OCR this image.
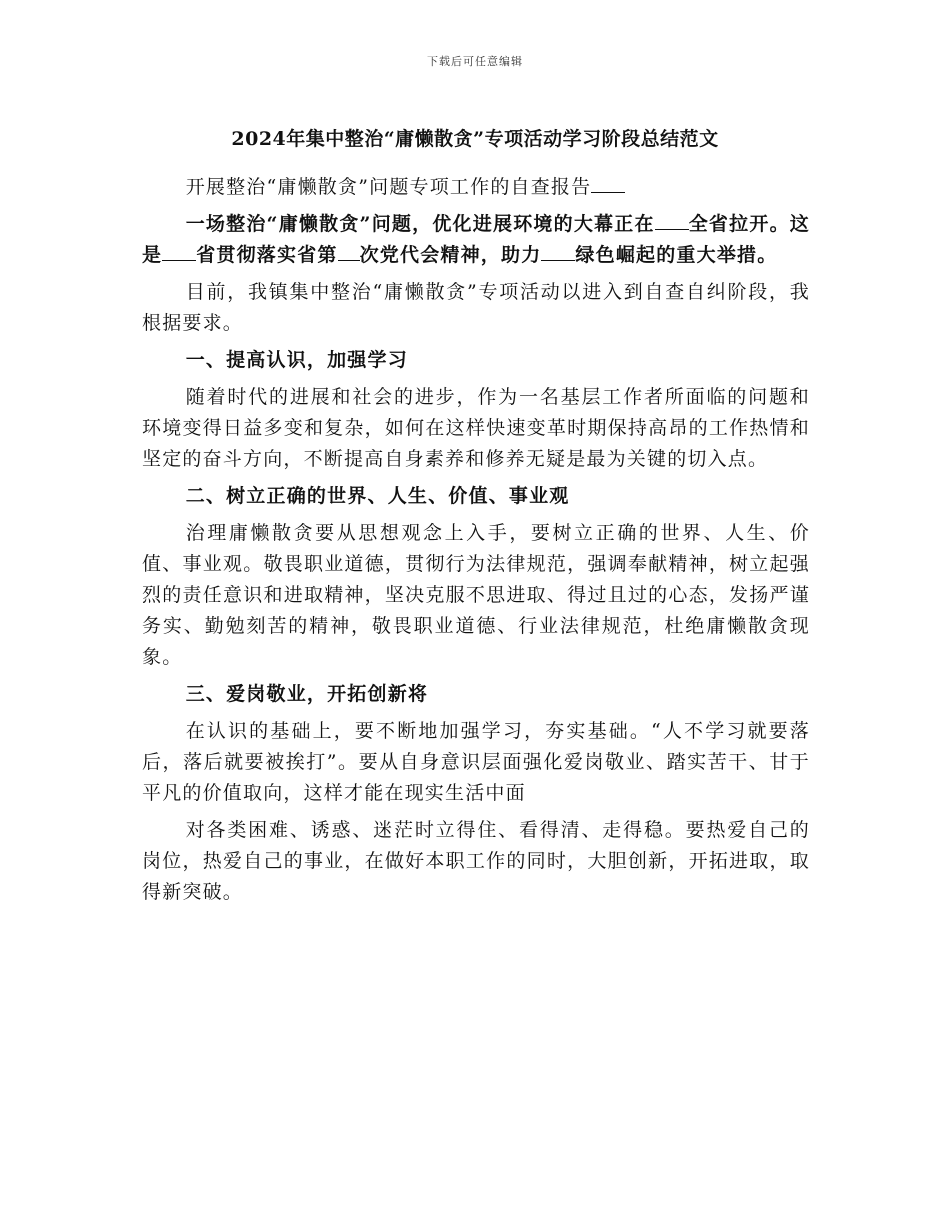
下载后可任意编辑
2024年集中整治“庸懒散贪”专项活动学习阶段总结范文

开展整治“庸懒散贪”问题专项工作的自查报告

一场整治“庸懒散贪”问题，优化进展环境的大幕正在 全省拉开。这是 省贯彻落实省第 次党代会精神，助力 绿色崛起的重大举措。

目前，我镇集中整治“庸懒散贪”专项活动以进入到自查自纠阶段，我根据要求。

一、提高认识，加强学习

随着时代的进展和社会的进步，作为一名基层工作者所面临的问题和环境变得日益多变和复杂，如何在这样快速变革时期保持高昂的工作热情和坚定的奋斗方向，不断提高自身素养和修养无疑是最为关键的切入点。

二、树立正确的世界、人生、价值、事业观

治理庸懒散贪要从思想观念上入手，要树立正确的世界、人生、价值、事业观。敬畏职业道德，贯彻行为法律规范，强调奉献精神，树立起强烈的责任意识和进取精神，坚决克服不思进取、得过且过的心态，发扬严谨务实、勤勉刻苦的精神，敬畏职业道德、行业法律规范，杜绝庸懒散贪现象。

三、爱岗敬业，开拓创新将

在认识的基础上，要不断地加强学习，夯实基础。“人不学习就要落后，落后就要被挨打”。要从自身意识层面强化爱岗敬业、踏实苦干、甘于平凡的价值取向，这样才能在现实生活中面

对各类困难、诱惑、迷茫时立得住、看得清、走得稳。要热爱自己的岗位，热爱自己的事业，在做好本职工作的同时，大胆创新，开拓进取，取得新突破。
